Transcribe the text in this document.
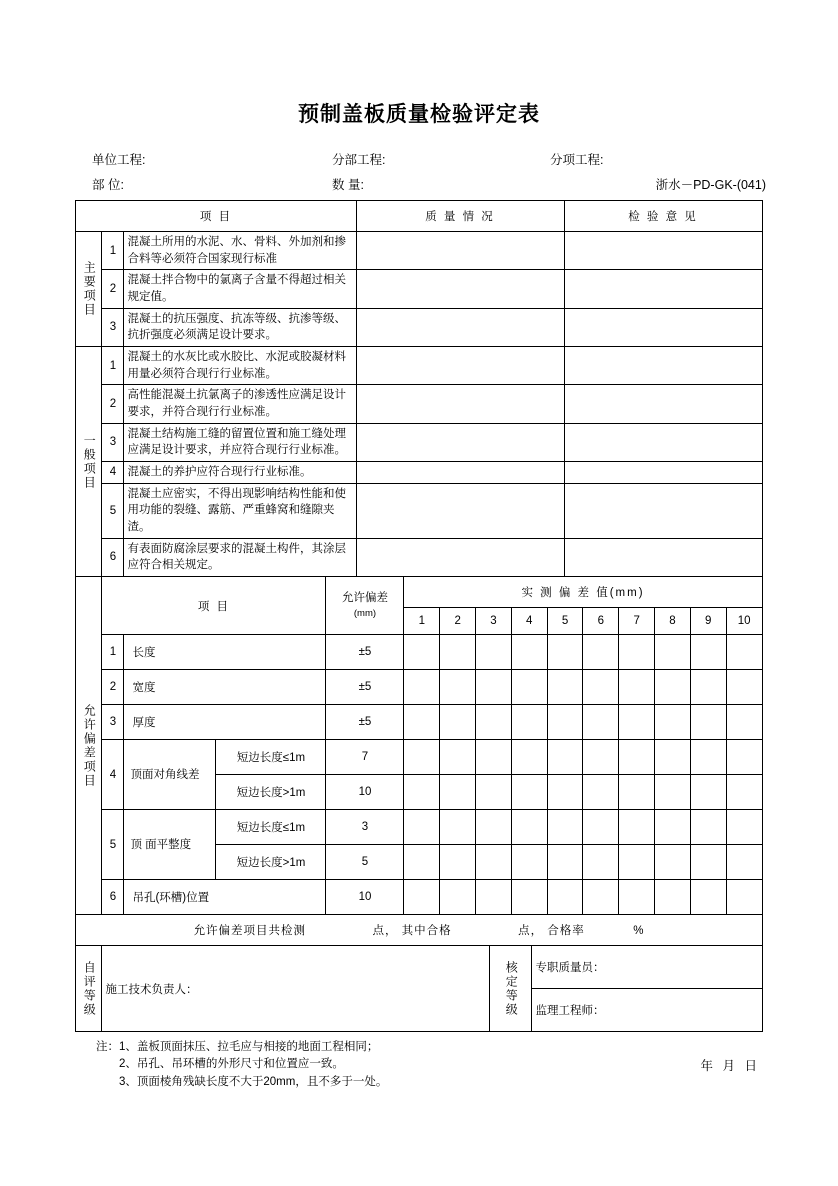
预制盖板质量检验评定表
单位工程:	分部工程:	分项工程:
部 位:	数 量:	浙水－PD-GK-(041)
项 目			质 量 情 况	检 验 意 见

主要项目	1	混凝土所用的水泥、水、骨料、外加剂和掺合料等必须符合国家现行标准		
	2	混凝土拌合物中的氯离子含量不得超过相关规定值。		
	3	混凝土的抗压强度、抗冻等级、抗渗等级、抗折强度必须满足设计要求。		

一般项目	1	混凝土的水灰比或水胶比、水泥或胶凝材料用量必须符合现行行业标准。		
	2	高性能混凝土抗氯离子的渗透性应满足设计要求，并符合现行行业标准。		
	3	混凝土结构施工缝的留置位置和施工缝处理应满足设计要求，并应符合现行行业标准。		
	4	混凝土的养护应符合现行行业标准。		
	5	混凝土应密实，不得出现影响结构性能和使用功能的裂缝、露筋、严重蜂窝和缝隙夹渣。		
	6	有表面防腐涂层要求的混凝土构件，其涂层应符合相关规定。		
允许偏差项目	项 目			允许偏差
(mm)	实 测 偏 差 值(mm)									
					1	2	3	4	5	6	7	8	9	10
	1	长度		±5										
	2	宽度		±5										
	3	厚度		±5										
	4	顶面对角线差	短边长度≤1m	7										
			短边长度>1m	10										
	5	顶 面平整度	短边长度≤1m	3										
			短边长度>1m	5										
	6	吊孔(环槽)位置		10										
允许偏差项目共检测	点， 其中合格	点， 合格率	%

自评等级	施工技术负责人：	核定等级	专职质量员：
监理工程师：
注： 1、盖板顶面抹压、拉毛应与相接的地面工程相同；
2、吊孔、吊环槽的外形尺寸和位置应一致。
3、顶面棱角残缺长度不大于20mm，且不多于一处。
年 月 日
